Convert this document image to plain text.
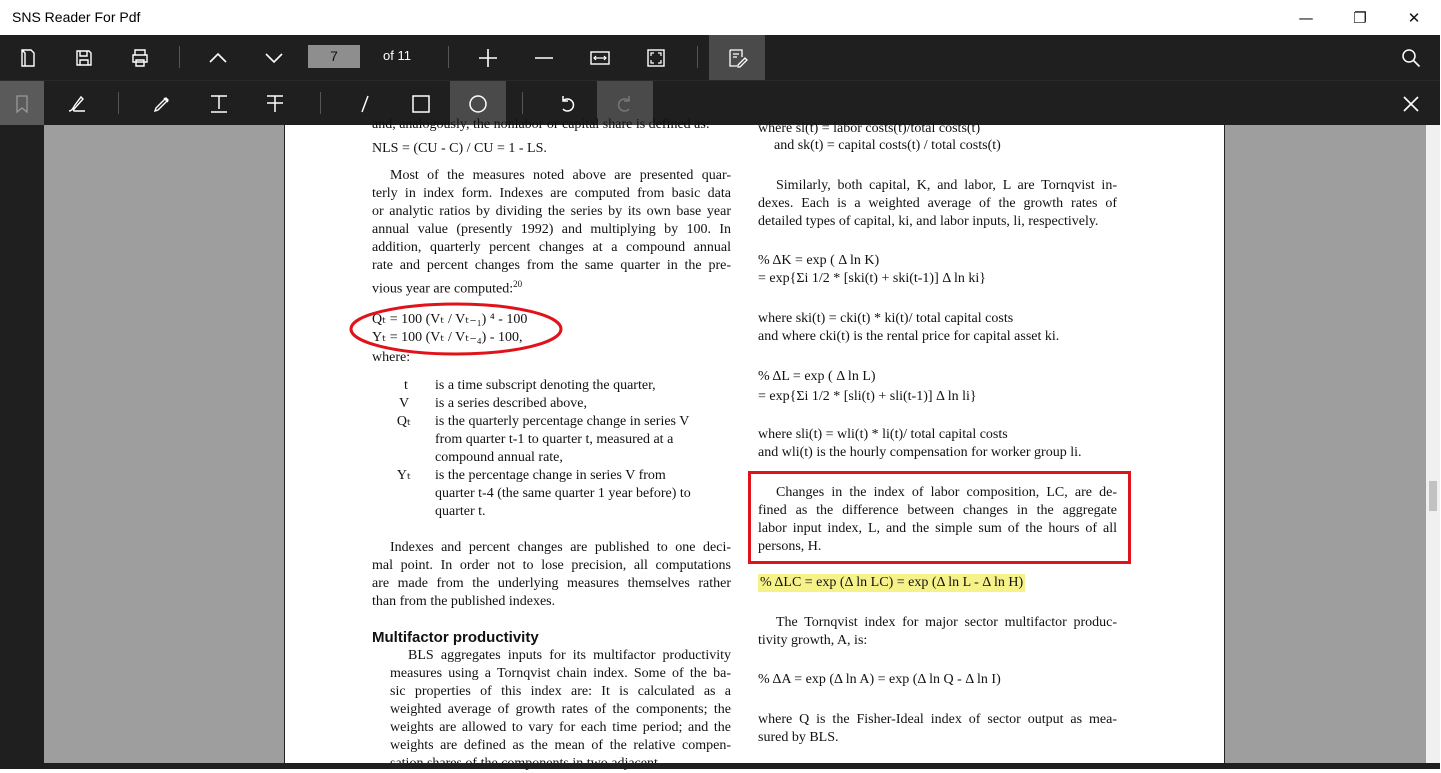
SNS Reader For Pdf	—	❐	✕
7	of 11
and, analogously, the nonlabor or capital share is defined as:
NLS = (CU - C) / CU = 1 - LS.
Most of the measures noted above are presented quar-
terly in index form. Indexes are computed from basic data
or analytic ratios by dividing the series by its own base year
annual value (presently 1992) and multiplying by 100. In
addition, quarterly percent changes at a compound annual
rate and percent changes from the same quarter in the pre-
vious year are computed:$^{20}$
Qₜ = 100 (Vₜ / Vₜ₋₁) ⁴ - 100
Yₜ = 100 (Vₜ / Vₜ₋₄) - 100,
where:
t is a time subscript denoting the quarter,
V is a series described above,
Qₜ is the quarterly percentage change in series V
from quarter t-1 to quarter t, measured at a
compound annual rate,
Yₜ is the percentage change in series V from
quarter t-4 (the same quarter 1 year before) to
quarter t.
Indexes and percent changes are published to one deci-
mal point. In order not to lose precision, all computations
are made from the underlying measures themselves rather
than from the published indexes.
Multifactor productivity
BLS aggregates inputs for its multifactor productivity
measures using a Tornqvist chain index. Some of the ba-
sic properties of this index are: It is calculated as a
weighted average of growth rates of the components; the
weights are allowed to vary for each time period; and the
weights are defined as the mean of the relative compen-
where sl(t) = labor costs(t)/total costs(t)
and sk(t) = capital costs(t) / total costs(t)
Similarly, both capital, K, and labor, L are Tornqvist in-
dexes. Each is a weighted average of the growth rates of
detailed types of capital, ki, and labor inputs, li, respectively.
% ΔK = exp ( Δ ln K)
= exp{Σi 1/2 * [ski(t) + ski(t-1)] Δ ln ki}
where ski(t) = cki(t) * ki(t)/ total capital costs
and where cki(t) is the rental price for capital asset ki.
% ΔL = exp ( Δ ln L)
= exp{Σi 1/2 * [sli(t) + sli(t-1)] Δ ln li}
where sli(t) = wli(t) * li(t)/ total capital costs
and wli(t) is the hourly compensation for worker group li.
Changes in the index of labor composition, LC, are de-
fined as the difference between changes in the aggregate
labor input index, L, and the simple sum of the hours of all
persons, H.
% ΔLC = exp (Δ ln LC) = exp (Δ ln L - Δ ln H)
The Tornqvist index for major sector multifactor produc-
tivity growth, A, is:
% ΔA = exp (Δ ln A) = exp (Δ ln Q - Δ ln I)
where Q is the Fisher-Ideal index of sector output as mea-
sured by BLS.
